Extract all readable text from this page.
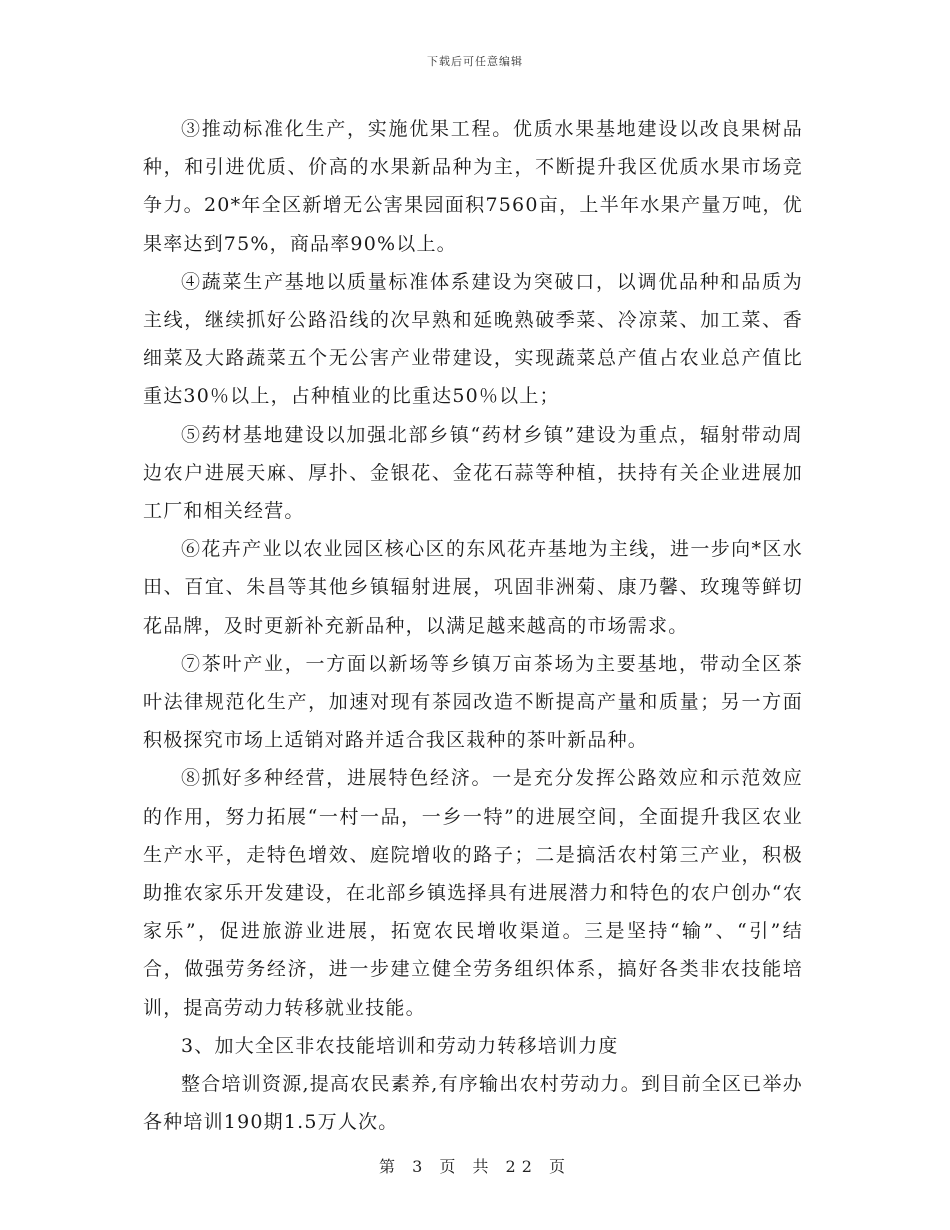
下载后可任意编辑

③推动标准化生产，实施优果工程。优质水果基地建设以改良果树品种，和引进优质、价高的水果新品种为主，不断提升我区优质水果市场竞争力。20*年全区新增无公害果园面积7560亩，上半年水果产量万吨，优果率达到75%，商品率90%以上。

④蔬菜生产基地以质量标准体系建设为突破口，以调优品种和品质为主线，继续抓好公路沿线的次早熟和延晚熟破季菜、冷凉菜、加工菜、香细菜及大路蔬菜五个无公害产业带建设，实现蔬菜总产值占农业总产值比重达30％以上，占种植业的比重达50％以上；

⑤药材基地建设以加强北部乡镇“药材乡镇”建设为重点，辐射带动周边农户进展天麻、厚扑、金银花、金花石蒜等种植，扶持有关企业进展加工厂和相关经营。

⑥花卉产业以农业园区核心区的东风花卉基地为主线，进一步向*区水田、百宜、朱昌等其他乡镇辐射进展，巩固非洲菊、康乃馨、玫瑰等鲜切花品牌，及时更新补充新品种，以满足越来越高的市场需求。

⑦茶叶产业，一方面以新场等乡镇万亩茶场为主要基地，带动全区茶叶法律规范化生产，加速对现有茶园改造不断提高产量和质量；另一方面积极探究市场上适销对路并适合我区栽种的茶叶新品种。

⑧抓好多种经营，进展特色经济。一是充分发挥公路效应和示范效应的作用，努力拓展“一村一品，一乡一特”的进展空间，全面提升我区农业生产水平，走特色增效、庭院增收的路子；二是搞活农村第三产业，积极助推农家乐开发建设，在北部乡镇选择具有进展潜力和特色的农户创办“农家乐”，促进旅游业进展，拓宽农民增收渠道。三是坚持“输”、“引”结合，做强劳务经济，进一步建立健全劳务组织体系，搞好各类非农技能培训，提高劳动力转移就业技能。

3、加大全区非农技能培训和劳动力转移培训力度

整合培训资源,提高农民素养,有序输出农村劳动力。到目前全区已举办各种培训190期1.5万人次。

第 3 页 共 22 页
